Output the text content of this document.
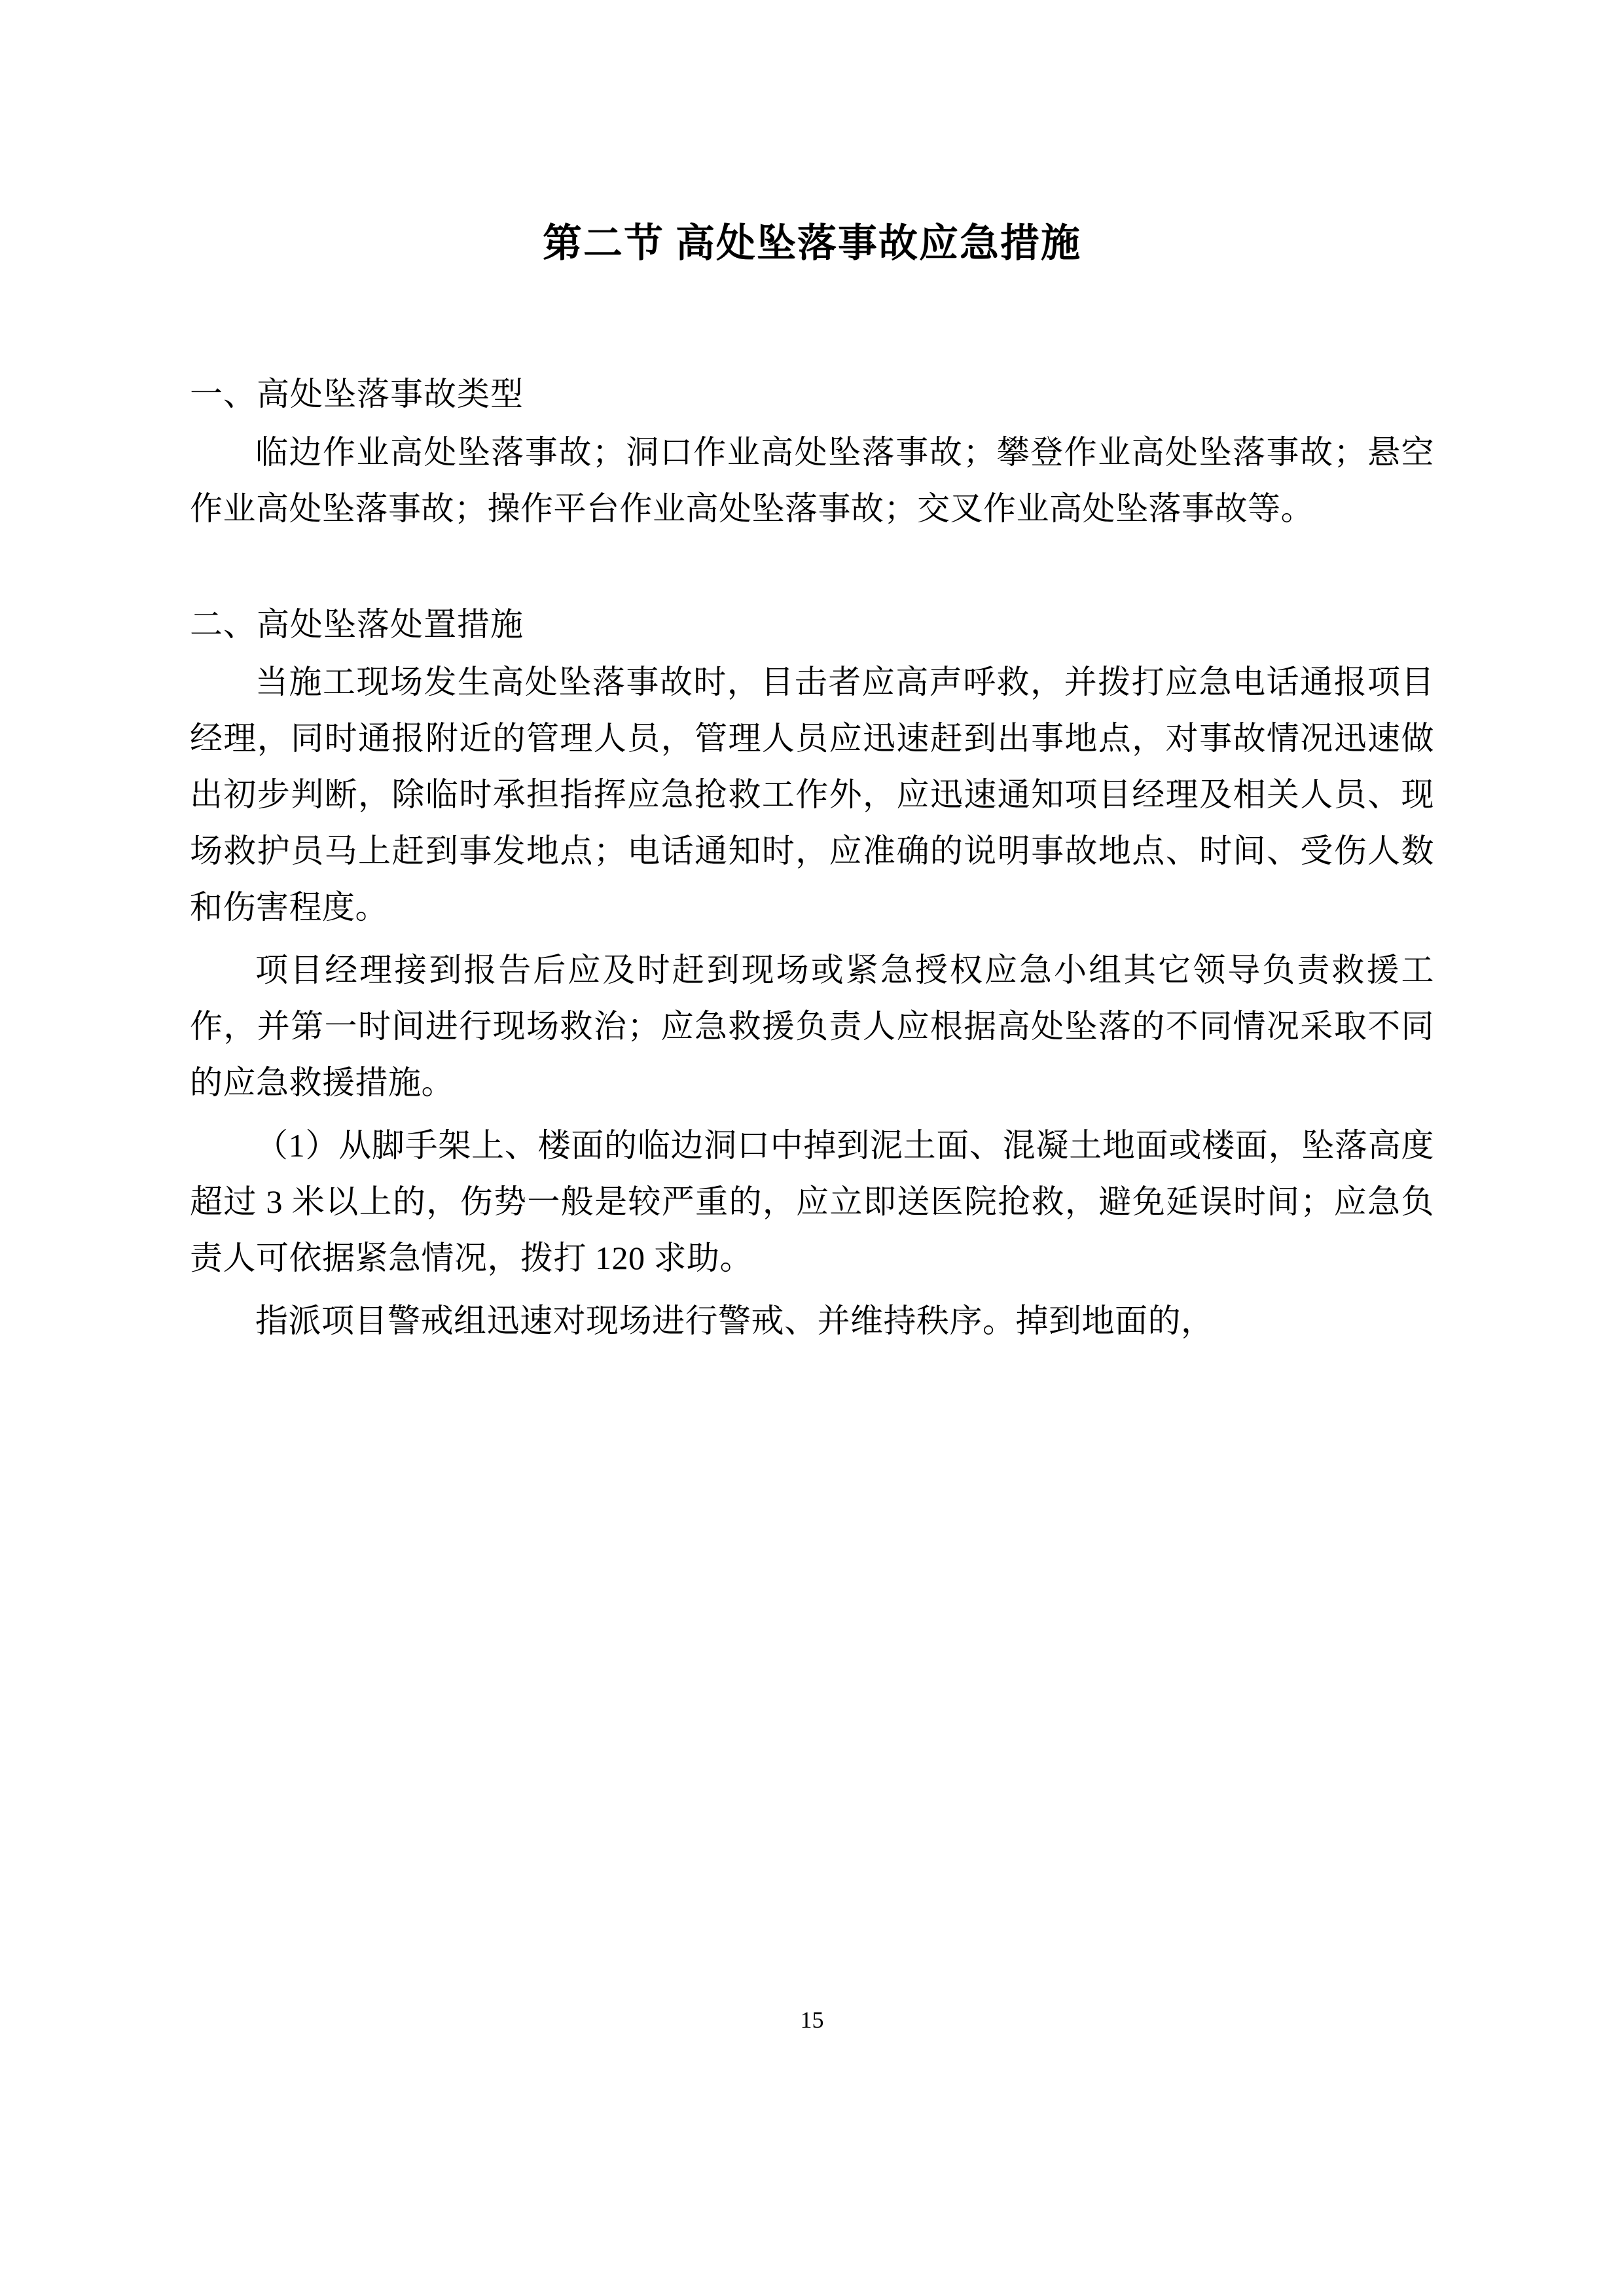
第二节 高处坠落事故应急措施

一、高处坠落事故类型

临边作业高处坠落事故；洞口作业高处坠落事故；攀登作业高处坠落事故；悬空作业高处坠落事故；操作平台作业高处坠落事故；交叉作业高处坠落事故等。

二、高处坠落处置措施

当施工现场发生高处坠落事故时，目击者应高声呼救，并拨打应急电话通报项目经理，同时通报附近的管理人员，管理人员应迅速赶到出事地点，对事故情况迅速做出初步判断，除临时承担指挥应急抢救工作外，应迅速通知项目经理及相关人员、现场救护员马上赶到事发地点；电话通知时，应准确的说明事故地点、时间、受伤人数和伤害程度。

项目经理接到报告后应及时赶到现场或紧急授权应急小组其它领导负责救援工作，并第一时间进行现场救治；应急救援负责人应根据高处坠落的不同情况采取不同的应急救援措施。

（1）从脚手架上、楼面的临边洞口中掉到泥土面、混凝土地面或楼面，坠落高度超过 3 米以上的，伤势一般是较严重的，应立即送医院抢救，避免延误时间；应急负责人可依据紧急情况，拨打 120 求助。

指派项目警戒组迅速对现场进行警戒、并维持秩序。掉到地面的，

15
